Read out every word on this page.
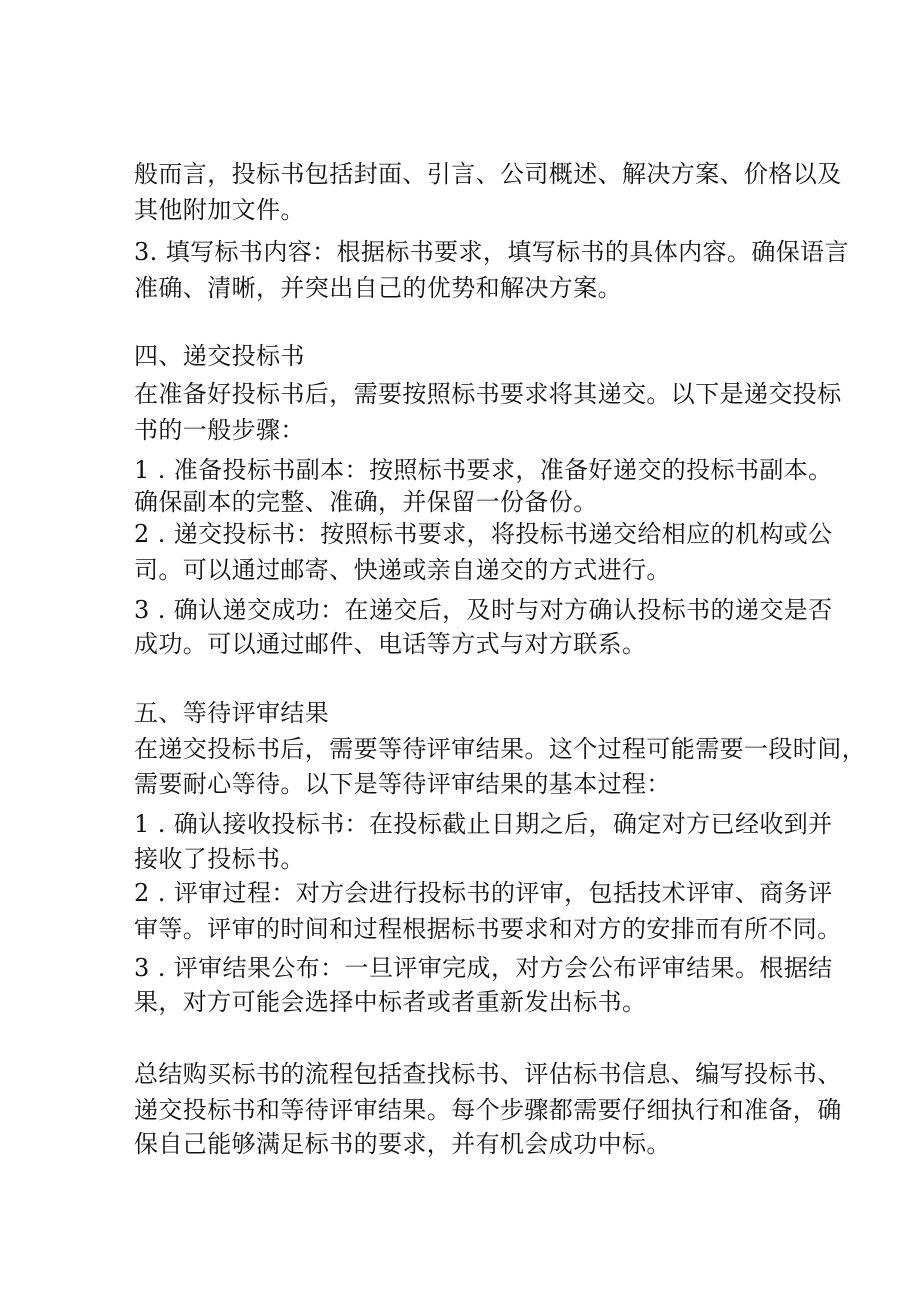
般而言，投标书包括封面、引言、公司概述、解决方案、价格以及

其他附加文件。

3. 填写标书内容：根据标书要求，填写标书的具体内容。确保语言

准确、清晰，并突出自己的优势和解决方案。

四、递交投标书

在准备好投标书后，需要按照标书要求将其递交。以下是递交投标

书的一般步骤：

1 . 准备投标书副本：按照标书要求，准备好递交的投标书副本。

确保副本的完整、准确，并保留一份备份。

2 . 递交投标书：按照标书要求，将投标书递交给相应的机构或公

司。可以通过邮寄、快递或亲自递交的方式进行。

3 . 确认递交成功：在递交后，及时与对方确认投标书的递交是否

成功。可以通过邮件、电话等方式与对方联系。

五、等待评审结果

在递交投标书后，需要等待评审结果。这个过程可能需要一段时间，

需要耐心等待。以下是等待评审结果的基本过程：

1 . 确认接收投标书：在投标截止日期之后，确定对方已经收到并

接收了投标书。

2 . 评审过程：对方会进行投标书的评审，包括技术评审、商务评

审等。评审的时间和过程根据标书要求和对方的安排而有所不同。

3 . 评审结果公布：一旦评审完成，对方会公布评审结果。根据结

果，对方可能会选择中标者或者重新发出标书。

总结购买标书的流程包括查找标书、评估标书信息、编写投标书、

递交投标书和等待评审结果。每个步骤都需要仔细执行和准备，确

保自己能够满足标书的要求，并有机会成功中标。
